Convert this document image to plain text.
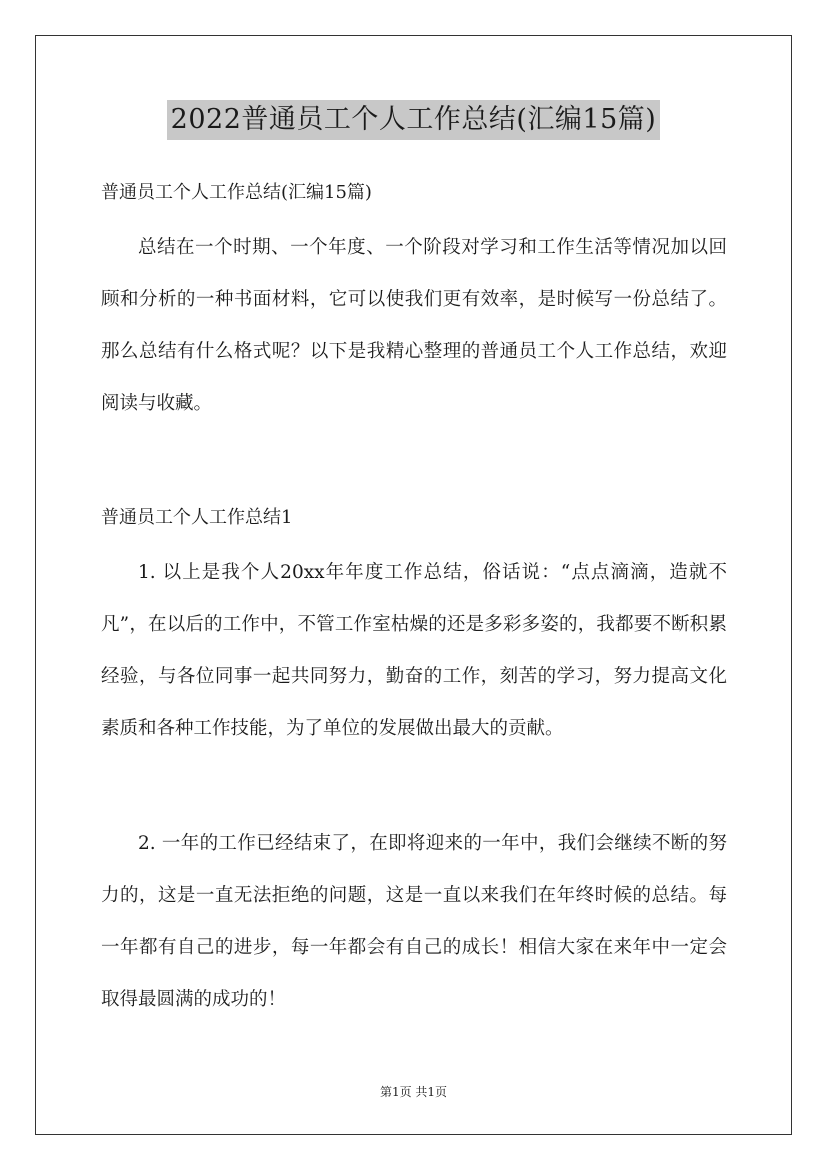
2022普通员工个人工作总结(汇编15篇)
普通员工个人工作总结(汇编15篇)
总结在一个时期、一个年度、一个阶段对学习和工作生活等情况加以回顾和分析的一种书面材料，它可以使我们更有效率，是时候写一份总结了。那么总结有什么格式呢？以下是我精心整理的普通员工个人工作总结，欢迎阅读与收藏。
普通员工个人工作总结1
1. 以上是我个人20xx年年度工作总结，俗话说：“点点滴滴，造就不凡”，在以后的工作中，不管工作室枯燥的还是多彩多姿的，我都要不断积累经验，与各位同事一起共同努力，勤奋的工作，刻苦的学习，努力提高文化素质和各种工作技能，为了单位的发展做出最大的贡献。
2. 一年的工作已经结束了，在即将迎来的一年中，我们会继续不断的努力的，这是一直无法拒绝的问题，这是一直以来我们在年终时候的总结。每一年都有自己的进步，每一年都会有自己的成长！相信大家在来年中一定会取得最圆满的成功的！
第1页 共1页
